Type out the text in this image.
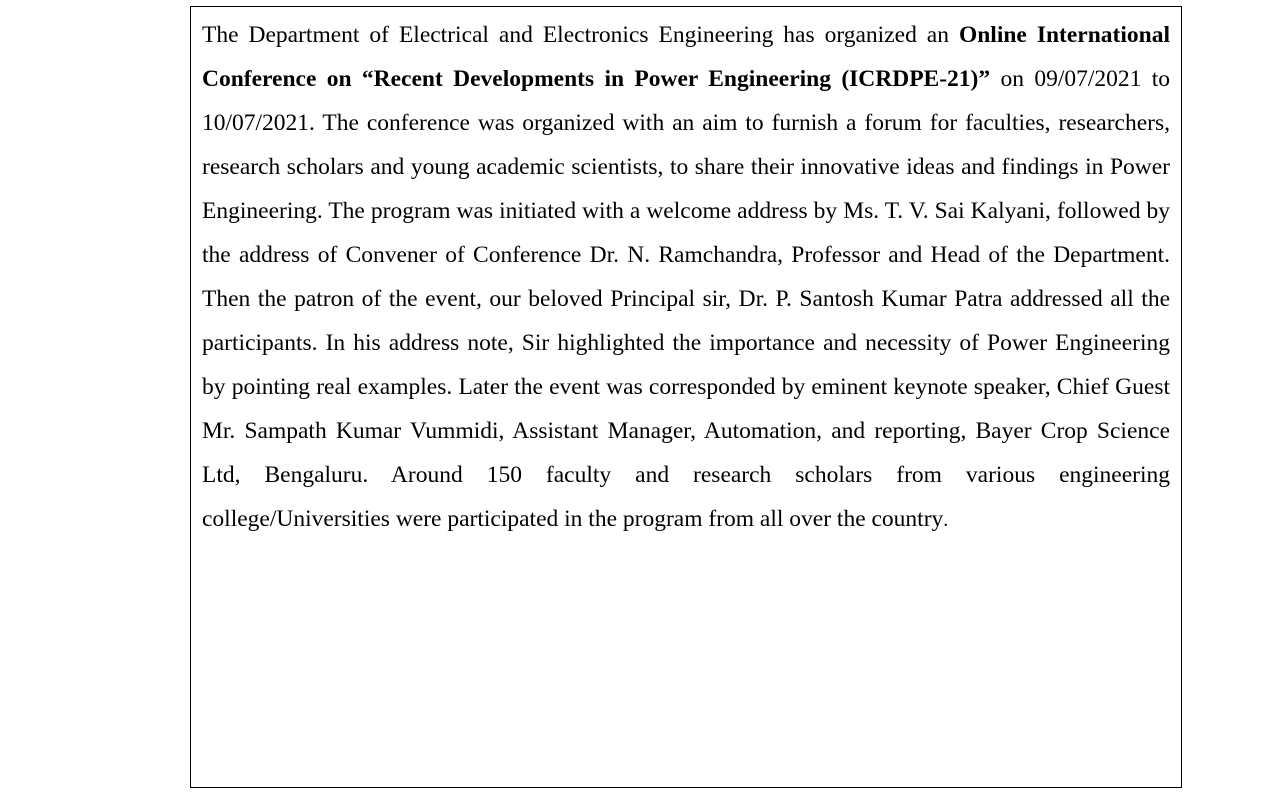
The Department of Electrical and Electronics Engineering has organized an Online International Conference on “Recent Developments in Power Engineering (ICRDPE-21)” on 09/07/2021 to 10/07/2021. The conference was organized with an aim to furnish a forum for faculties, researchers, research scholars and young academic scientists, to share their innovative ideas and findings in Power Engineering. The program was initiated with a welcome address by Ms. T. V. Sai Kalyani, followed by the address of Convener of Conference Dr. N. Ramchandra, Professor and Head of the Department. Then the patron of the event, our beloved Principal sir, Dr. P. Santosh Kumar Patra addressed all the participants. In his address note, Sir highlighted the importance and necessity of Power Engineering by pointing real examples. Later the event was corresponded by eminent keynote speaker, Chief Guest Mr. Sampath Kumar Vummidi, Assistant Manager, Automation, and reporting, Bayer Crop Science Ltd, Bengaluru. Around 150 faculty and research scholars from various engineering college/Universities were participated in the program from all over the country.
